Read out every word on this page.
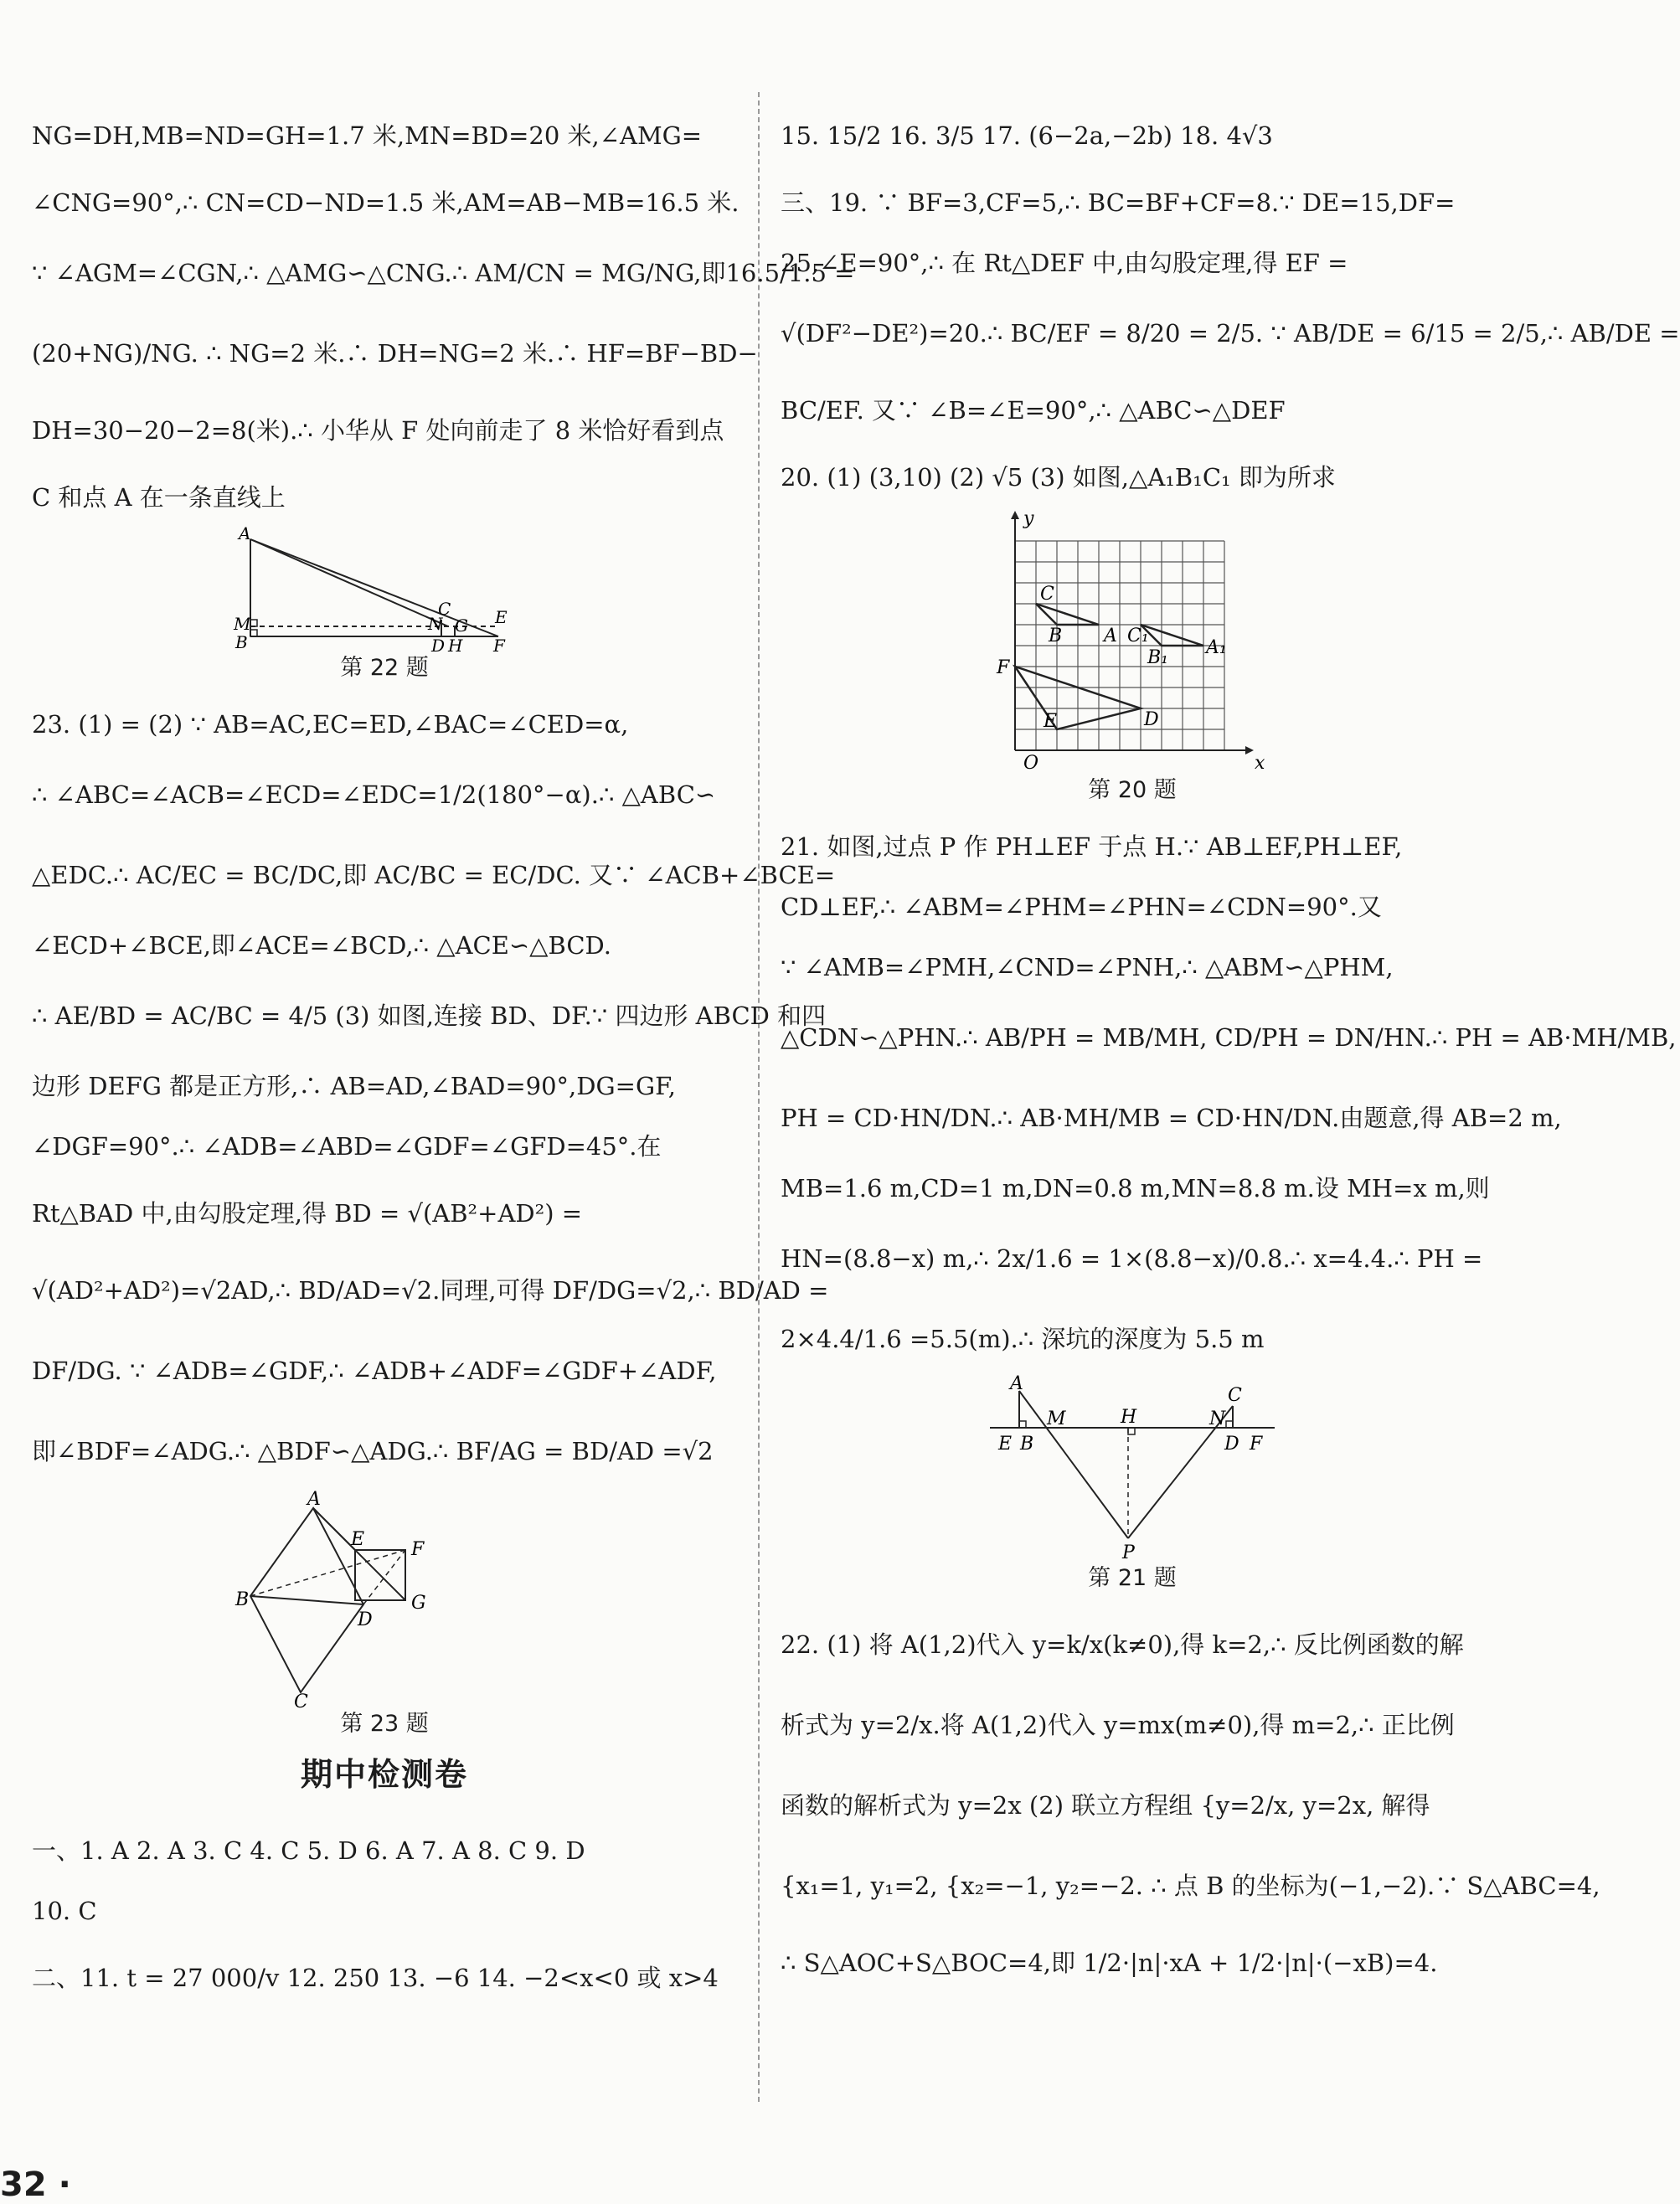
NG=DH,MB=ND=GH=1.7 米,MN=BD=20 米,∠AMG=
∠CNG=90°,∴ CN=CD−ND=1.5 米,AM=AB−MB=16.5 米.
∵ ∠AGM=∠CGN,∴ △AMG∽△CNG.∴ AM/CN = MG/NG,即16.5/1.5 =
(20+NG)/NG. ∴ NG=2 米.∴ DH=NG=2 米.∴ HF=BF−BD−
DH=30−20−2=8(米).∴ 小华从 F 处向前走了 8 米恰好看到点
C 和点 A 在一条直线上
A
M
B
C
N G
D H
E
F
第 22 题
23. (1) = (2) ∵ AB=AC,EC=ED,∠BAC=∠CED=α,
∴ ∠ABC=∠ACB=∠ECD=∠EDC=1/2(180°−α).∴ △ABC∽
△EDC.∴ AC/EC = BC/DC,即 AC/BC = EC/DC. 又∵ ∠ACB+∠BCE=
∠ECD+∠BCE,即∠ACE=∠BCD,∴ △ACE∽△BCD.
∴ AE/BD = AC/BC = 4/5 (3) 如图,连接 BD、DF.∵ 四边形 ABCD 和四
边形 DEFG 都是正方形,∴ AB=AD,∠BAD=90°,DG=GF,
∠DGF=90°.∴ ∠ADB=∠ABD=∠GDF=∠GFD=45°.在
Rt△BAD 中,由勾股定理,得 BD = √(AB²+AD²) =
√(AD²+AD²)=√2AD,∴ BD/AD=√2.同理,可得 DF/DG=√2,∴ BD/AD =
DF/DG. ∵ ∠ADB=∠GDF,∴ ∠ADB+∠ADF=∠GDF+∠ADF,
即∠BDF=∠ADG.∴ △BDF∽△ADG.∴ BF/AG = BD/AD =√2
A
B
C
D
E	F
G
第 23 题
期中检测卷
一、1. A 2. A 3. C 4. C 5. D 6. A 7. A 8. C 9. D
10. C
二、11. t = 27 000/v 12. 250 13. −6 14. −2<x<0 或 x>4
15. 15/2 16. 3/5 17. (6−2a,−2b) 18. 4√3
三、19. ∵ BF=3,CF=5,∴ BC=BF+CF=8.∵ DE=15,DF=
25,∠E=90°,∴ 在 Rt△DEF 中,由勾股定理,得 EF =
√(DF²−DE²)=20.∴ BC/EF = 8/20 = 2/5. ∵ AB/DE = 6/15 = 2/5,∴ AB/DE =
BC/EF. 又∵ ∠B=∠E=90°,∴ △ABC∽△DEF
20. (1) (3,10) (2) √5 (3) 如图,△A₁B₁C₁ 即为所求
O	x
y
C
B A
F
E	D
C₁
B₁ A₁
第 20 题
21. 如图,过点 P 作 PH⊥EF 于点 H.∵ AB⊥EF,PH⊥EF,
CD⊥EF,∴ ∠ABM=∠PHM=∠PHN=∠CDN=90°.又
∵ ∠AMB=∠PMH,∠CND=∠PNH,∴ △ABM∽△PHM,
△CDN∽△PHN.∴ AB/PH = MB/MH, CD/PH = DN/HN.∴ PH = AB·MH/MB,
PH = CD·HN/DN.∴ AB·MH/MB = CD·HN/DN.由题意,得 AB=2 m,
MB=1.6 m,CD=1 m,DN=0.8 m,MN=8.8 m.设 MH=x m,则
HN=(8.8−x) m,∴ 2x/1.6 = 1×(8.8−x)/0.8.∴ x=4.4.∴ PH =
2×4.4/1.6 =5.5(m).∴ 深坑的深度为 5.5 m
A
E B
M	H	N
C
D F
P
第 21 题
22. (1) 将 A(1,2)代入 y=k/x(k≠0),得 k=2,∴ 反比例函数的解
析式为 y=2/x.将 A(1,2)代入 y=mx(m≠0),得 m=2,∴ 正比例
函数的解析式为 y=2x (2) 联立方程组 {y=2/x, y=2x, 解得
{x₁=1, y₁=2, {x₂=−1, y₂=−2. ∴ 点 B 的坐标为(−1,−2).∵ S△ABC=4,
∴ S△AOC+S△BOC=4,即 1/2·|n|·xA + 1/2·|n|·(−xB)=4.
32 ·
